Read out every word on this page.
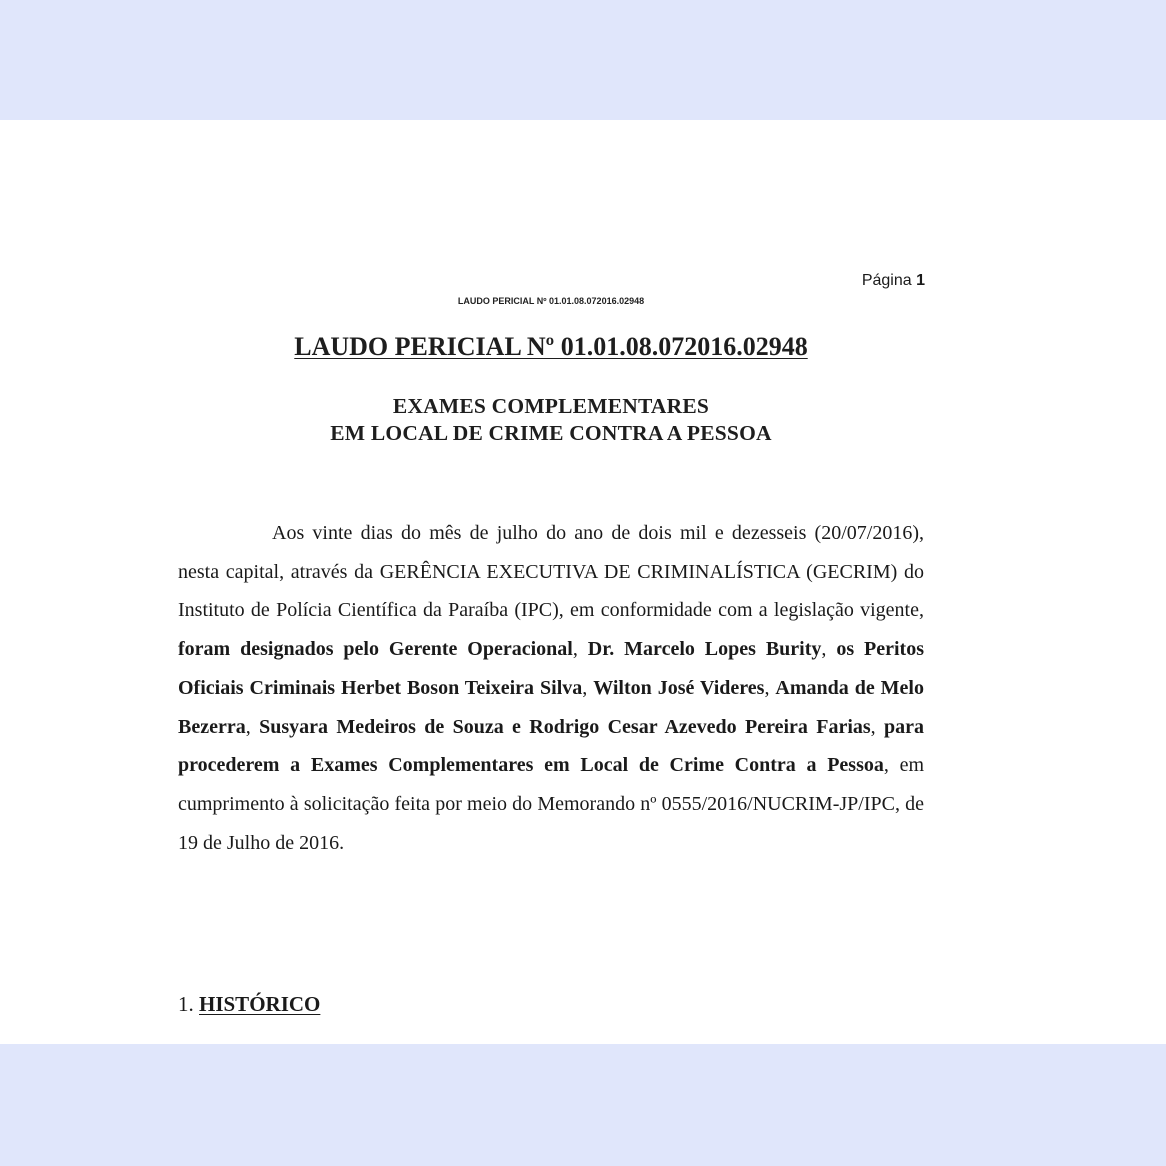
Página 1
LAUDO PERICIAL Nº 01.01.08.072016.02948
LAUDO PERICIAL Nº 01.01.08.072016.02948
EXAMES COMPLEMENTARES
EM LOCAL DE CRIME CONTRA A PESSOA
Aos vinte dias do mês de julho do ano de dois mil e dezesseis (20/07/2016), nesta capital, através da GERÊNCIA EXECUTIVA DE CRIMINALÍSTICA (GECRIM) do Instituto de Polícia Científica da Paraíba (IPC), em conformidade com a legislação vigente, foram designados pelo Gerente Operacional, Dr. Marcelo Lopes Burity, os Peritos Oficiais Criminais Herbet Boson Teixeira Silva, Wilton José Videres, Amanda de Melo Bezerra, Susyara Medeiros de Souza e Rodrigo Cesar Azevedo Pereira Farias, para procederem a Exames Complementares em Local de Crime Contra a Pessoa, em cumprimento à solicitação feita por meio do Memorando nº 0555/2016/NUCRIM-JP/IPC, de 19 de Julho de 2016.
1. HISTÓRICO
